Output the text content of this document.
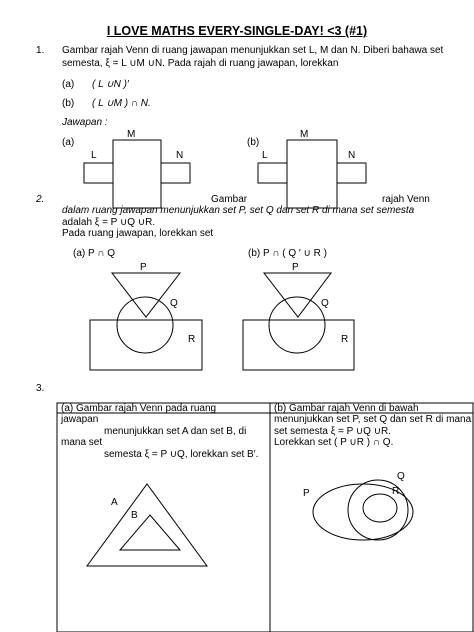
I LOVE MATHS EVERY-SINGLE-DAY! <3 (#1)
1. Gambar rajah Venn di ruang jawapan menunjukkan set L, M dan N. Diberi bahawa set
semesta, ξ = L ∪M ∪N. Pada rajah di ruang jawapan, lorekkan
(a) ( L ∪N )′
(b) ( L ∪M ) ∩ N.
Jawapan :
(a)
M
L	N
(b)
M
L	N
2.	Gambar	rajah Venn
dalam ruang jawapan menunjukkan set P, set Q dan set R di mana set semesta
adalah ξ = P ∪Q ∪R.
Pada ruang jawapan, lorekkan set
(a) P ∩ Q	(b) P ∩ ( Q ′ ∪ R )
P
Q
R
P
Q
R
3.
(a) Gambar rajah Venn pada ruang
jawapan
menunjukkan set A dan set B, di
mana set
semesta ξ = P ∪Q, lorekkan set B′.
A
B
(b) Gambar rajah Venn di bawah
menunjukkan set P, set Q dan set R di mana
set semesta ξ = P ∪Q ∪R.
Lorekkan set ( P ∪R ) ∩ Q.
P
Q
R
